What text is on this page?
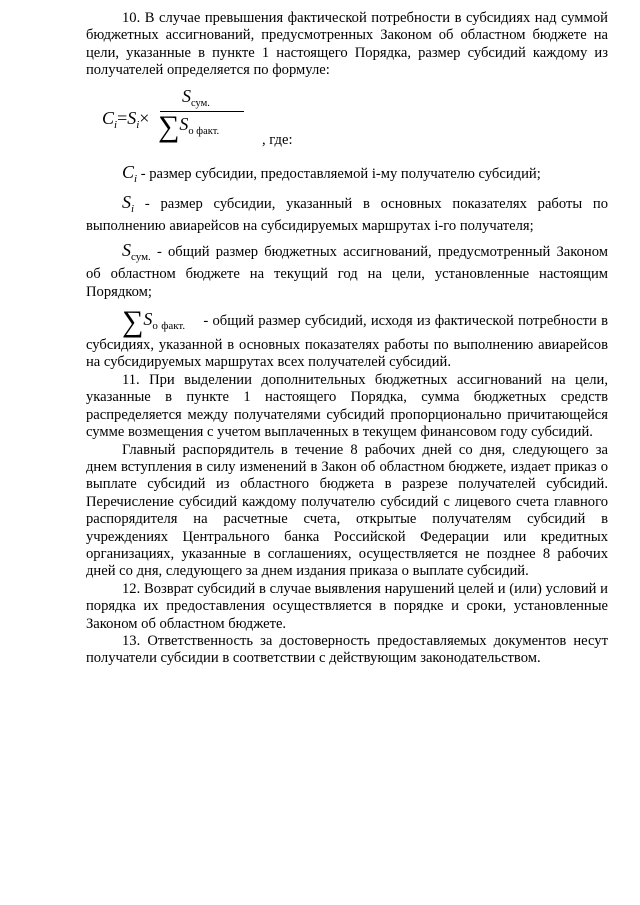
10. В случае превышения фактической потребности в субсидиях над суммой бюджетных ассигнований, предусмотренных Законом об областном бюджете на цели, указанные в пункте 1 настоящего Порядка, размер субсидий каждому из получателей определяется по формуле:

$C_i=S_i\times$
$S_{сум.}$
$\sum S_{о факт.}$
, где:

$C_i$ - размер субсидии, предоставляемой i-му получателю субсидий;

$S_i$ - размер субсидии, указанный в основных показателях работы по выполнению авиарейсов на субсидируемых маршрутах i-го получателя;

$S_{сум.}$ - общий размер бюджетных ассигнований, предусмотренный Законом об областном бюджете на текущий год на цели, установленные настоящим Порядком;

$\sum S_{о факт.}$ - общий размер субсидий, исходя из фактической потребности в субсидиях, указанной в основных показателях работы по выполнению авиарейсов на субсидируемых маршрутах всех получателей субсидий.

11. При выделении дополнительных бюджетных ассигнований на цели, указанные в пункте 1 настоящего Порядка, сумма бюджетных средств распределяется между получателями субсидий пропорционально причитающейся сумме возмещения с учетом выплаченных в текущем финансовом году субсидий.

Главный распорядитель в течение 8 рабочих дней со дня, следующего за днем вступления в силу изменений в Закон об областном бюджете, издает приказ о выплате субсидий из областного бюджета в разрезе получателей субсидий. Перечисление субсидий каждому получателю субсидий с лицевого счета главного распорядителя на расчетные счета, открытые получателям субсидий в учреждениях Центрального банка Российской Федерации или кредитных организациях, указанные в соглашениях, осуществляется не позднее 8 рабочих дней со дня, следующего за днем издания приказа о выплате субсидий.

12. Возврат субсидий в случае выявления нарушений целей и (или) условий и порядка их предоставления осуществляется в порядке и сроки, установленные Законом об областном бюджете.

13. Ответственность за достоверность предоставляемых документов несут получатели субсидии в соответствии с действующим законодательством.
